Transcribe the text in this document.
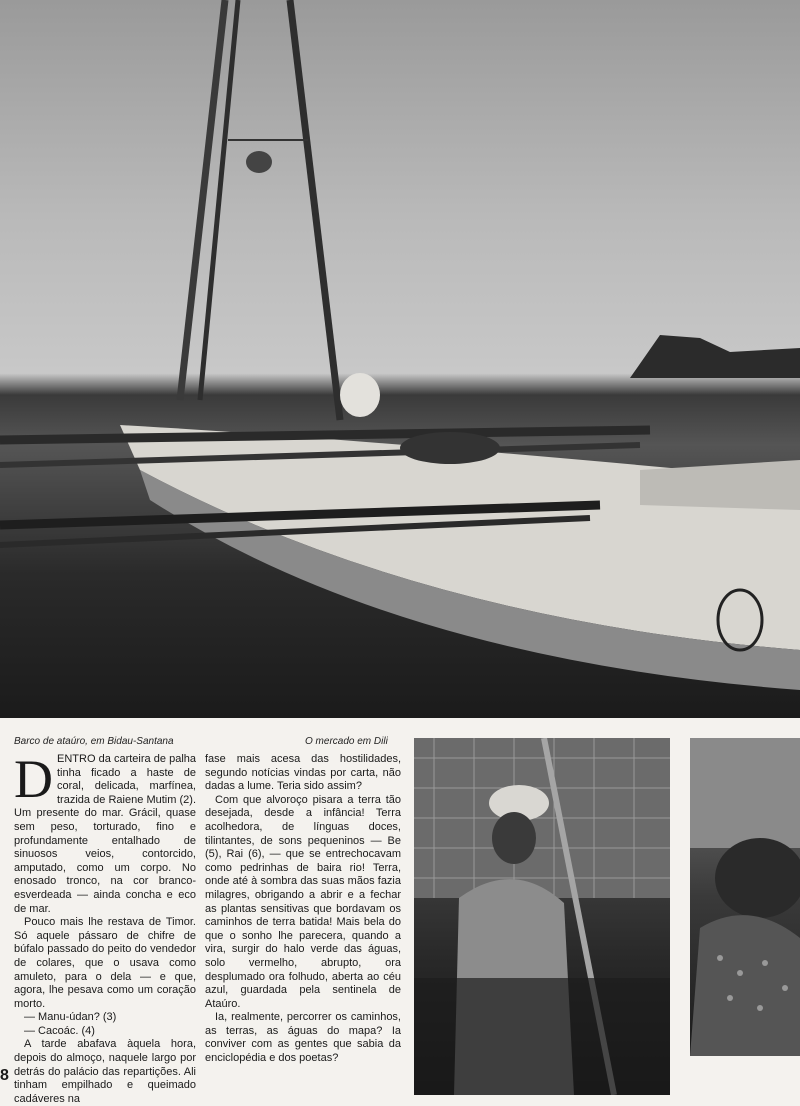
Barco de ataúro, em Bidau-Santana	O mercado em Dili
D ENTRO da carteira de palha tinha ficado a haste de coral, delicada, marfínea, trazida de Raiene Mutim (2). Um presente do mar. Grácil, quase sem peso, torturado, fino e profundamente entalhado de sinuosos veios, contorcido, amputado, como um corpo. No enosado tronco, na cor branco-esverdeada — ainda concha e eco de mar.

Pouco mais lhe restava de Timor. Só aquele pássaro de chifre de búfalo passado do peito do vendedor de colares, que o usava como amuleto, para o dela — e que, agora, lhe pesava como um coração morto.

— Manu-údan? (3)

— Cacoác. (4)

A tarde abafava àquela hora, depois do almoço, naquele largo por detrás do palácio das repartições. Ali tinham empilhado e queimado cadáveres na

fase mais acesa das hostilidades, segundo notícias vindas por carta, não dadas a lume. Teria sido assim?

Com que alvoroço pisara a terra tão desejada, desde a infância! Terra acolhedora, de línguas doces, tilintantes, de sons pequeninos — Be (5), Rai (6), — que se entrechocavam como pedrinhas de baira rio! Terra, onde até à sombra das suas mãos fazia milagres, obrigando a abrir e a fechar as plantas sensitivas que bordavam os caminhos de terra batida! Mais bela do que o sonho lhe parecera, quando a vira, surgir do halo verde das águas, solo vermelho, abrupto, ora desplumado ora folhudo, aberta ao céu azul, guardada pela sentinela de Ataúro.

Ia, realmente, percorrer os caminhos, as terras, as águas do mapa? Ia conviver com as gentes que sabia da enciclopédia e dos poetas?

8
